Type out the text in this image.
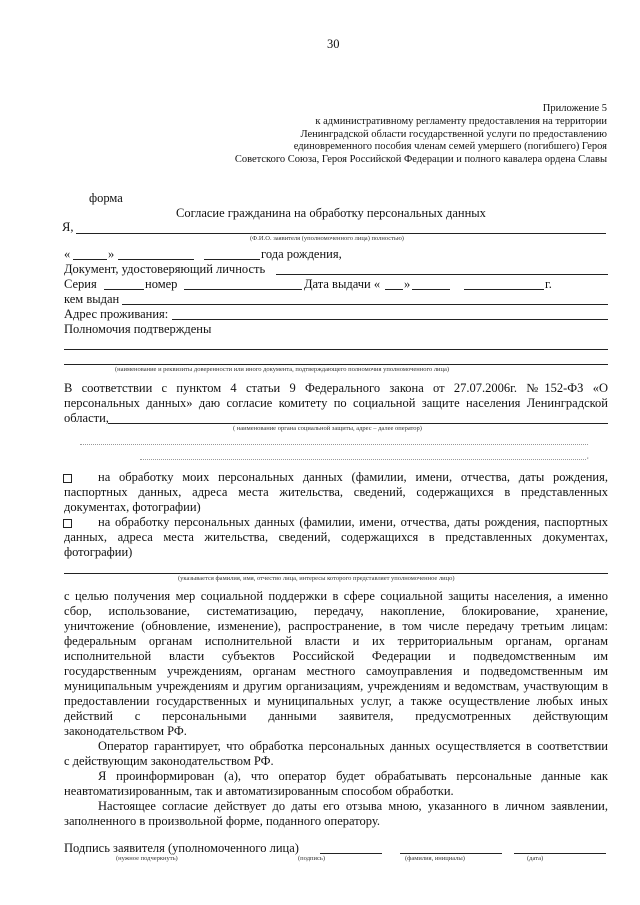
30
Приложение 5
к административному регламенту предоставления на территории
Ленинградской области государственной услуги по предоставлению
единовременного пособия членам семей умершего (погибшего) Героя
Советского Союза, Героя Российской Федерации и полного кавалера ордена Славы
форма
Согласие гражданина на обработку персональных данных
Я,
(Ф.И.О. заявителя (уполномоченного лица) полностью)
«	»	года рождения,
Документ, удостоверяющий личность
Серия	номер	Дата выдачи « »	г.
кем выдан
Адрес проживания:
Полномочия подтверждены
(наименование и реквизиты доверенности или иного документа, подтверждающего полномочия уполномоченного лица)
В соответствии с пунктом 4 статьи 9 Федерального закона от 27.07.2006г. №152-ФЗ «О
персональных данных» даю согласие комитету по социальной защите населения Ленинградской
области,
( наименование органа социальной защиты, адрес – далее оператор)
,
на обработку моих персональных данных (фамилии, имени, отчества, даты рождения,
паспортных данных, адреса места жительства, сведений, содержащихся в представленных
документах, фотографии)
на обработку персональных данных (фамилии, имени, отчества, даты рождения, паспортных
данных, адреса места жительства, сведений, содержащихся в представленных документах,
фотографии)
(указывается фамилия, имя, отчество лица, интересы которого представляет уполномоченное лицо)
с целью получения мер социальной поддержки в сфере социальной защиты населения, а именно
сбор, использование, систематизацию, передачу, накопление, блокирование, хранение,
уничтожение (обновление, изменение), распространение, в том числе передачу третьим лицам:
федеральным органам исполнительной власти и их территориальным органам, органам
исполнительной власти субъектов Российской Федерации и подведомственным им
государственным учреждениям, органам местного самоуправления и подведомственным им
муниципальным учреждениям и другим организациям, учреждениям и ведомствам, участвующим в
предоставлении государственных и муниципальных услуг, а также осуществление любых иных
действий с персональными данными заявителя, предусмотренных действующим
законодательством РФ.
Оператор гарантирует, что обработка персональных данных осуществляется в соответствии
с действующим законодательством РФ.
Я проинформирован (а), что оператор будет обрабатывать персональные данные как
неавтоматизированным, так и автоматизированным способом обработки.
Настоящее согласие действует до даты его отзыва мною, указанного в личном заявлении,
заполненного в произвольной форме, поданного оператору.
Подпись заявителя (уполномоченного лица)
(нужное подчеркнуть)	(подпись)	(фамилия, инициалы)	(дата)
